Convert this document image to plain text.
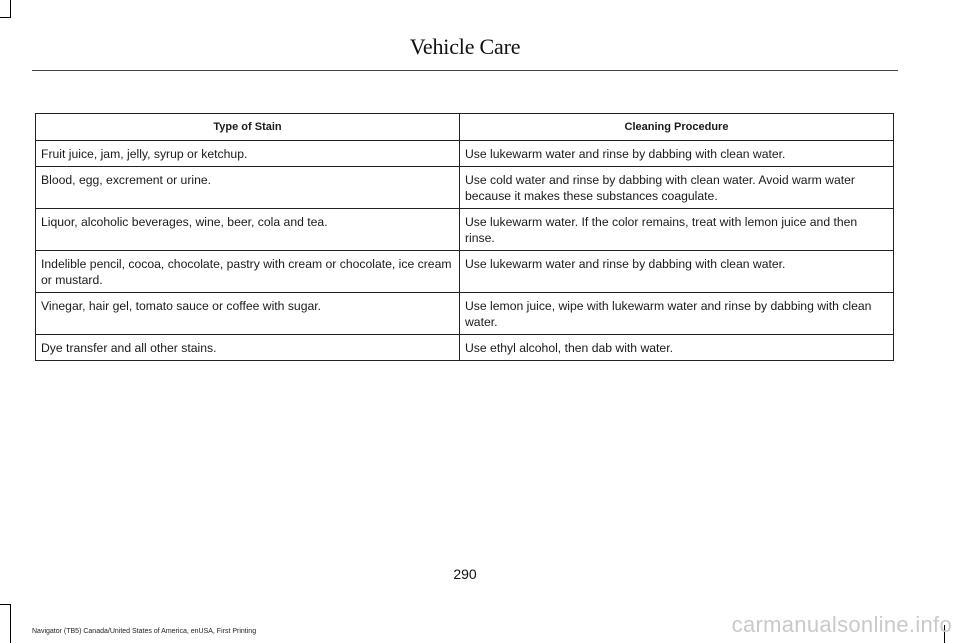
Vehicle Care
Type of Stain	Cleaning Procedure
Fruit juice, jam, jelly, syrup or ketchup.	Use lukewarm water and rinse by dabbing with clean water.
Blood, egg, excrement or urine.	Use cold water and rinse by dabbing with clean water. Avoid warm water because it makes these substances coagulate.
Liquor, alcoholic beverages, wine, beer, cola and tea.	Use lukewarm water. If the color remains, treat with lemon juice and then rinse.
Indelible pencil, cocoa, chocolate, pastry with cream or chocolate, ice cream or mustard.	Use lukewarm water and rinse by dabbing with clean water.
Vinegar, hair gel, tomato sauce or coffee with sugar.	Use lemon juice, wipe with lukewarm water and rinse by dabbing with clean water.
Dye transfer and all other stains.	Use ethyl alcohol, then dab with water.
290
Navigator (TB5) Canada/United States of America, enUSA, First Printing	carmanualsonline.info
